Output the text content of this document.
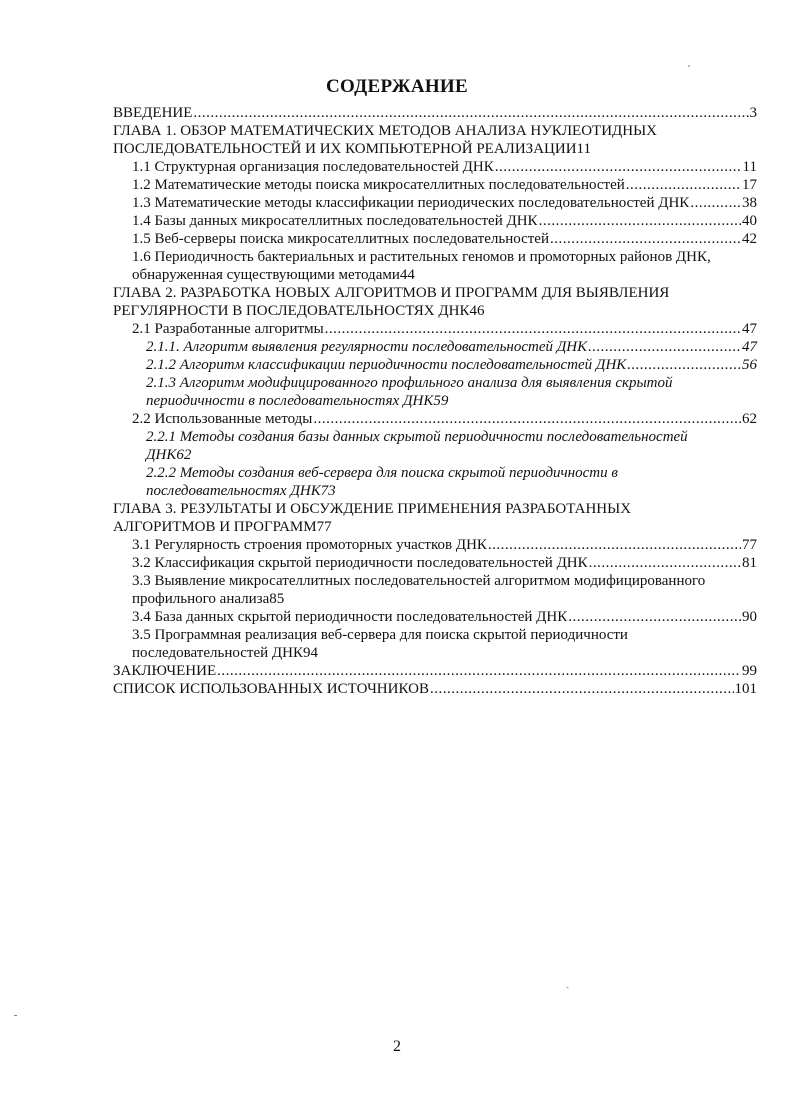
СОДЕРЖАНИЕ
ВВЕДЕНИЕ .....	3
ГЛАВА 1. ОБЗОР МАТЕМАТИЧЕСКИХ МЕТОДОВ АНАЛИЗА НУКЛЕОТИДНЫХ
ПОСЛЕДОВАТЕЛЬНОСТЕЙ И ИХ КОМПЬЮТЕРНОЙ РЕАЛИЗАЦИИ 11
1.1 Структурная организация последовательностей ДНК .....	11
1.2 Математические методы поиска микросателлитных последовательностей .....	17
1.3 Математические методы классификации периодических последовательностей ДНК .....	38
1.4 Базы данных микросателлитных последовательностей ДНК .....	40
1.5 Веб-серверы поиска микросателлитных последовательностей .....	42
1.6 Периодичность бактериальных и растительных геномов и промоторных районов ДНК,
обнаруженная существующими методами 44
ГЛАВА 2. РАЗРАБОТКА НОВЫХ АЛГОРИТМОВ И ПРОГРАММ ДЛЯ ВЫЯВЛЕНИЯ
РЕГУЛЯРНОСТИ В ПОСЛЕДОВАТЕЛЬНОСТЯХ ДНК 46
2.1 Разработанные алгоритмы .....	47
2.1.1. Алгоритм выявления регулярности последовательностей ДНК .....	47
2.1.2 Алгоритм классификации периодичности последовательностей ДНК .....	56
2.1.3 Алгоритм модифицированного профильного анализа для выявления скрытой
периодичности в последовательностях ДНК 59
2.2 Использованные методы .....	62
2.2.1 Методы создания базы данных скрытой периодичности последовательностей
ДНК 62
2.2.2 Методы создания веб-сервера для поиска скрытой периодичности в
последовательностях ДНК 73
ГЛАВА 3. РЕЗУЛЬТАТЫ И ОБСУЖДЕНИЕ ПРИМЕНЕНИЯ РАЗРАБОТАННЫХ
АЛГОРИТМОВ И ПРОГРАММ 77
3.1 Регулярность строения промоторных участков ДНК .....	77
3.2 Классификация скрытой периодичности последовательностей ДНК .....	81
3.3 Выявление микросателлитных последовательностей алгоритмом модифицированного
профильного анализа 85
3.4 База данных скрытой периодичности последовательностей ДНК .....	90
3.5 Программная реализация веб-сервера для поиска скрытой периодичности
последовательностей ДНК 94
ЗАКЛЮЧЕНИЕ .....	99
СПИСОК ИСПОЛЬЗОВАННЫХ ИСТОЧНИКОВ .....	101
ʹ
ˎ
-
2
